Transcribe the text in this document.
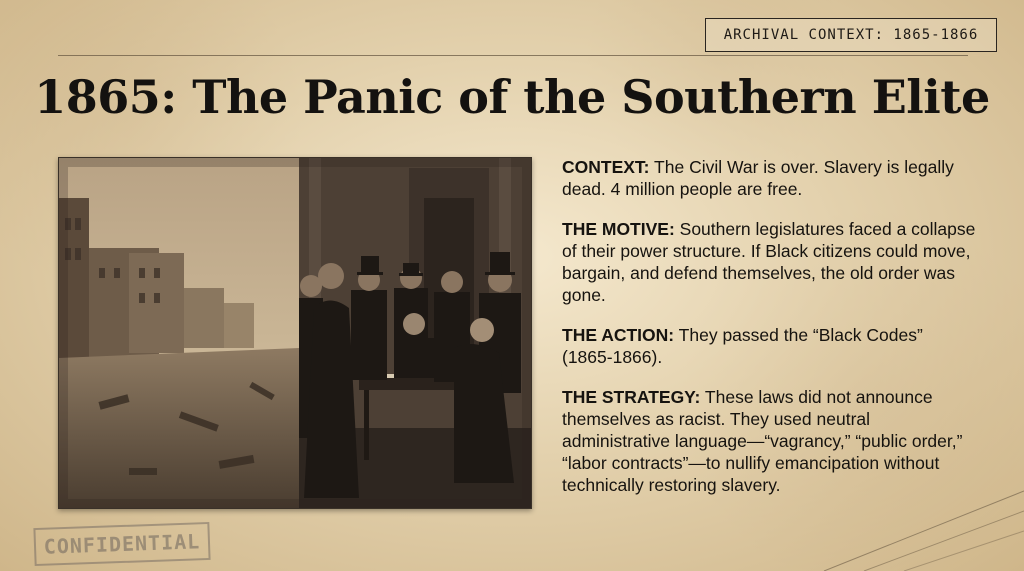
ARCHIVAL CONTEXT: 1865-1866
1865: The Panic of the Southern Elite

CONTEXT: The Civil War is over. Slavery is legally dead. 4 million people are free.

THE MOTIVE: Southern legislatures faced a collapse of their power structure. If Black citizens could move, bargain, and defend themselves, the old order was gone.

THE ACTION: They passed the “Black Codes” (1865-1866).

THE STRATEGY: These laws did not announce themselves as racist. They used neutral administrative language—“vagrancy,” “public order,” “labor contracts”—to nullify emancipation without technically restoring slavery.

CONFIDENTIAL
